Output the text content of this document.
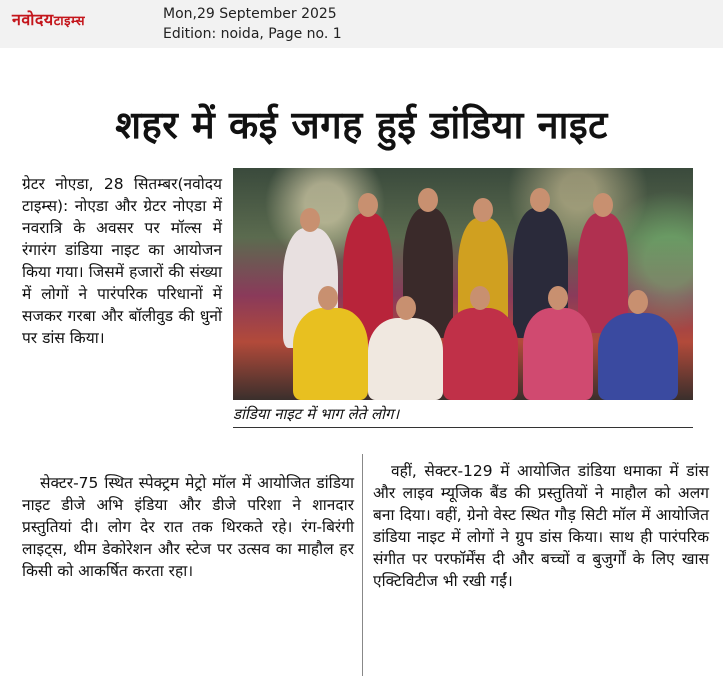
नवोदयटाइम्स	Mon,29 September 2025
Edition: noida, Page no. 1
शहर में कई जगह हुई डांडिया नाइट

ग्रेटर नोएडा, 28 सितम्बर(नवोदय टाइम्स): नोएडा और ग्रेटर नोएडा में नवरात्रि के अवसर पर मॉल्स में रंगारंग डांडिया नाइट का आयोजन किया गया। जिसमें हजारों की संख्या में लोगों ने पारंपरिक परिधानों में सजकर गरबा और बॉलीवुड की धुनों पर डांस किया।

डांडिया नाइट में भाग लेते लोग।

सेक्टर-75 स्थित स्पेक्ट्रम मेट्रो मॉल में आयोजित डांडिया नाइट डीजे अभि इंडिया और डीजे परिशा ने शानदार प्रस्तुतियां दी। लोग देर रात तक थिरकते रहे। रंग-बिरंगी लाइट्स, थीम डेकोरेशन और स्टेज पर उत्सव का माहौल हर किसी को आकर्षित करता रहा।

वहीं, सेक्टर-129 में आयोजित डांडिया धमाका में डांस और लाइव म्यूजिक बैंड की प्रस्तुतियों ने माहौल को अलग बना दिया। वहीं, ग्रेनो वेस्ट स्थित गौड़ सिटी मॉल में आयोजित डांडिया नाइट में लोगों ने ग्रुप डांस किया। साथ ही पारंपरिक संगीत पर परफॉर्मेंस दी और बच्चों व बुजुर्गों के लिए खास एक्टिविटीज भी रखी गईं।
